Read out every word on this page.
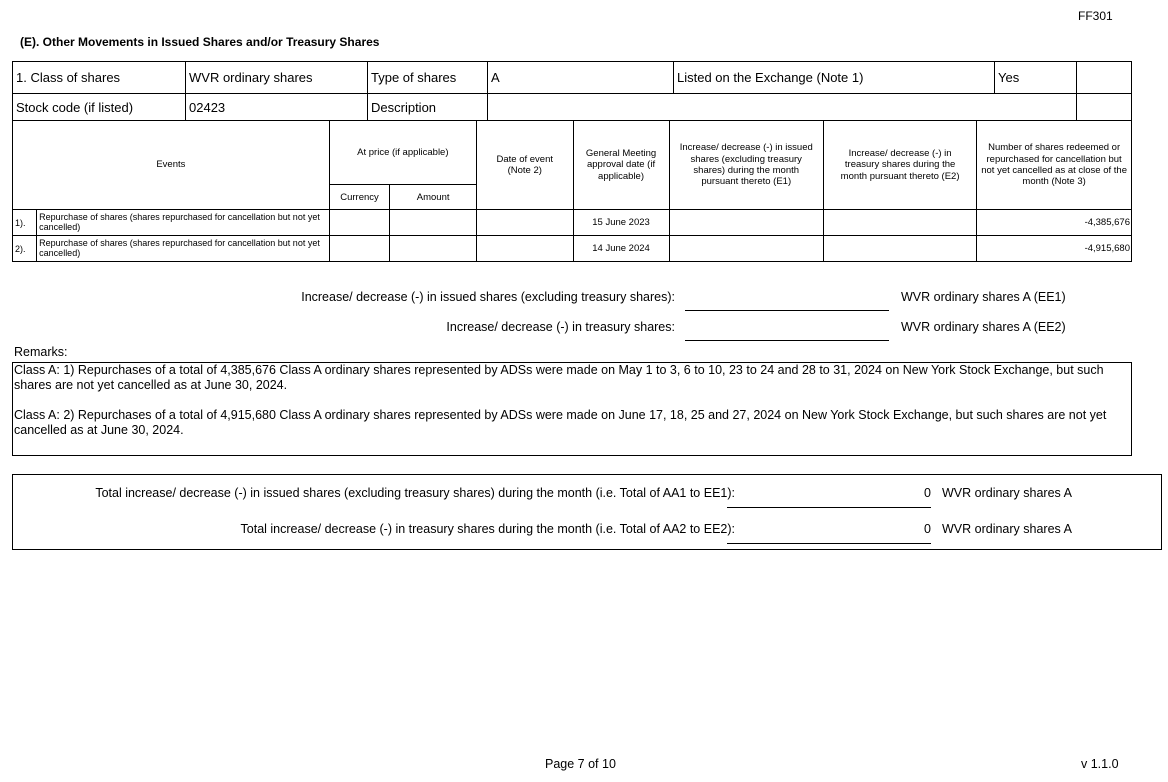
FF301
(E). Other Movements in Issued Shares and/or Treasury Shares
1. Class of shares	WVR ordinary shares	Type of shares	A	Listed on the Exchange (Note 1)	Yes	
Stock code (if listed)	02423	Description				
Events		At price (if applicable)		Date of event (Note 2)	General Meeting approval date (if applicable)	Increase/ decrease (-) in issued shares (excluding treasury shares) during the month pursuant thereto (E1)	Increase/ decrease (-) in treasury shares during the month pursuant thereto (E2)	Number of shares redeemed or repurchased for cancellation but not yet cancelled as at close of the month (Note 3)

		Currency	Amount					
1).	Repurchase of shares (shares repurchased for cancellation but not yet cancelled)				15 June 2023			-4,385,676
2).	Repurchase of shares (shares repurchased for cancellation but not yet cancelled)				14 June 2024			-4,915,680
Increase/ decrease (-) in issued shares (excluding treasury shares):	WVR ordinary shares A (EE1)
Increase/ decrease (-) in treasury shares:	WVR ordinary shares A (EE2)
Remarks:

Class A: 1) Repurchases of a total of 4,385,676 Class A ordinary shares represented by ADSs were made on May 1 to 3, 6 to 10, 23 to 24 and 28 to 31, 2024 on New York Stock Exchange, but such shares are not yet cancelled as at June 30, 2024.

Class A: 2) Repurchases of a total of 4,915,680 Class A ordinary shares represented by ADSs were made on June 17, 18, 25 and 27, 2024 on New York Stock Exchange, but such shares are not yet cancelled as at June 30, 2024.

Total increase/ decrease (-) in issued shares (excluding treasury shares) during the month (i.e. Total of AA1 to EE1):	0 WVR ordinary shares A
Total increase/ decrease (-) in treasury shares during the month (i.e. Total of AA2 to EE2):	0 WVR ordinary shares A
Page 7 of 10	v 1.1.0
